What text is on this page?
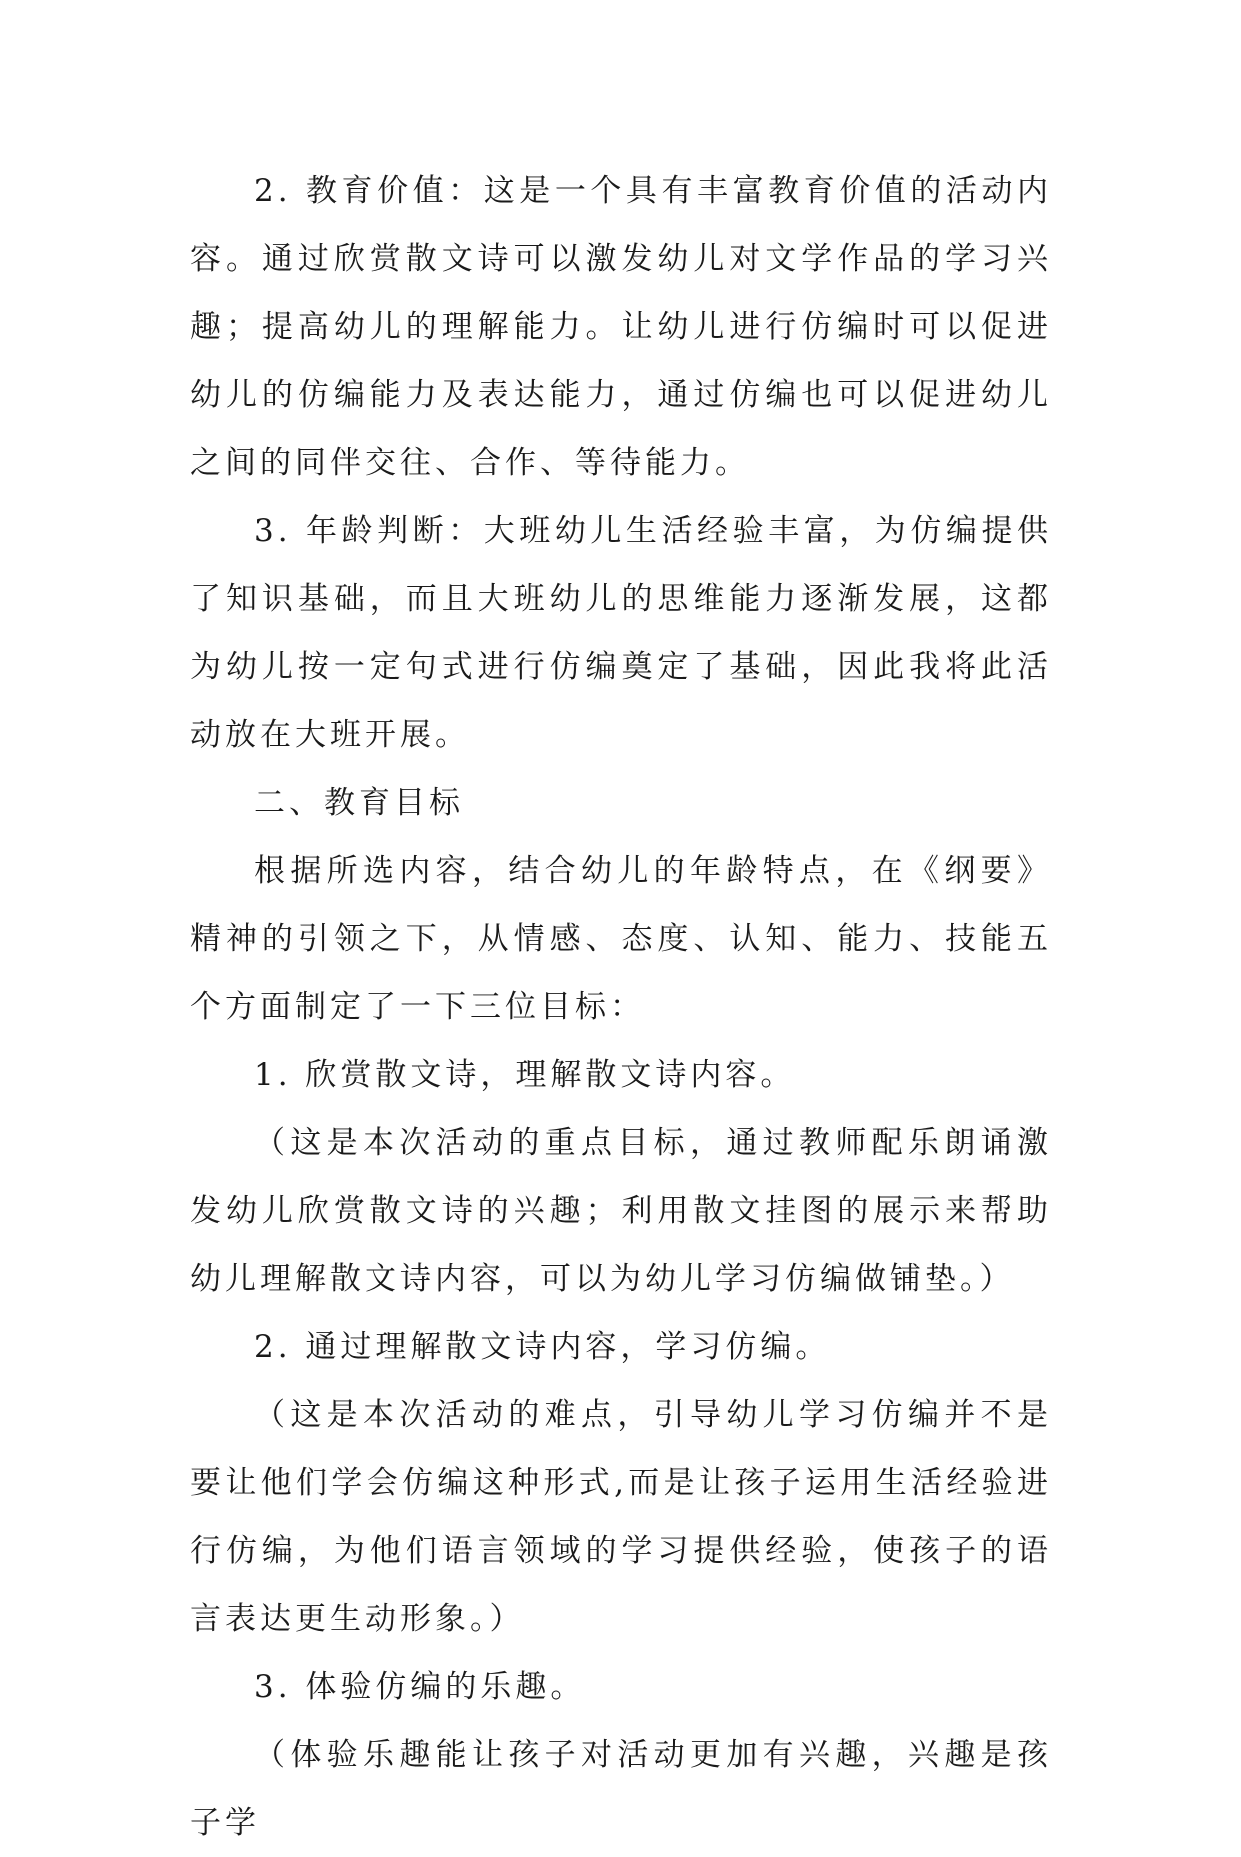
2. 教育价值：这是一个具有丰富教育价值的活动内容。通过欣赏散文诗可以激发幼儿对文学作品的学习兴趣；提高幼儿的理解能力。让幼儿进行仿编时可以促进幼儿的仿编能力及表达能力，通过仿编也可以促进幼儿之间的同伴交往、合作、等待能力。

3. 年龄判断：大班幼儿生活经验丰富，为仿编提供了知识基础，而且大班幼儿的思维能力逐渐发展，这都为幼儿按一定句式进行仿编奠定了基础，因此我将此活动放在大班开展。

二、教育目标

根据所选内容，结合幼儿的年龄特点，在《纲要》精神的引领之下，从情感、态度、认知、能力、技能五个方面制定了一下三位目标：

1. 欣赏散文诗，理解散文诗内容。

（这是本次活动的重点目标，通过教师配乐朗诵激发幼儿欣赏散文诗的兴趣；利用散文挂图的展示来帮助幼儿理解散文诗内容，可以为幼儿学习仿编做铺垫。）

2. 通过理解散文诗内容，学习仿编。

（这是本次活动的难点，引导幼儿学习仿编并不是要让他们学会仿编这种形式,而是让孩子运用生活经验进行仿编，为他们语言领域的学习提供经验，使孩子的语言表达更生动形象。）

3. 体验仿编的乐趣。

（体验乐趣能让孩子对活动更加有兴趣，兴趣是孩子学
